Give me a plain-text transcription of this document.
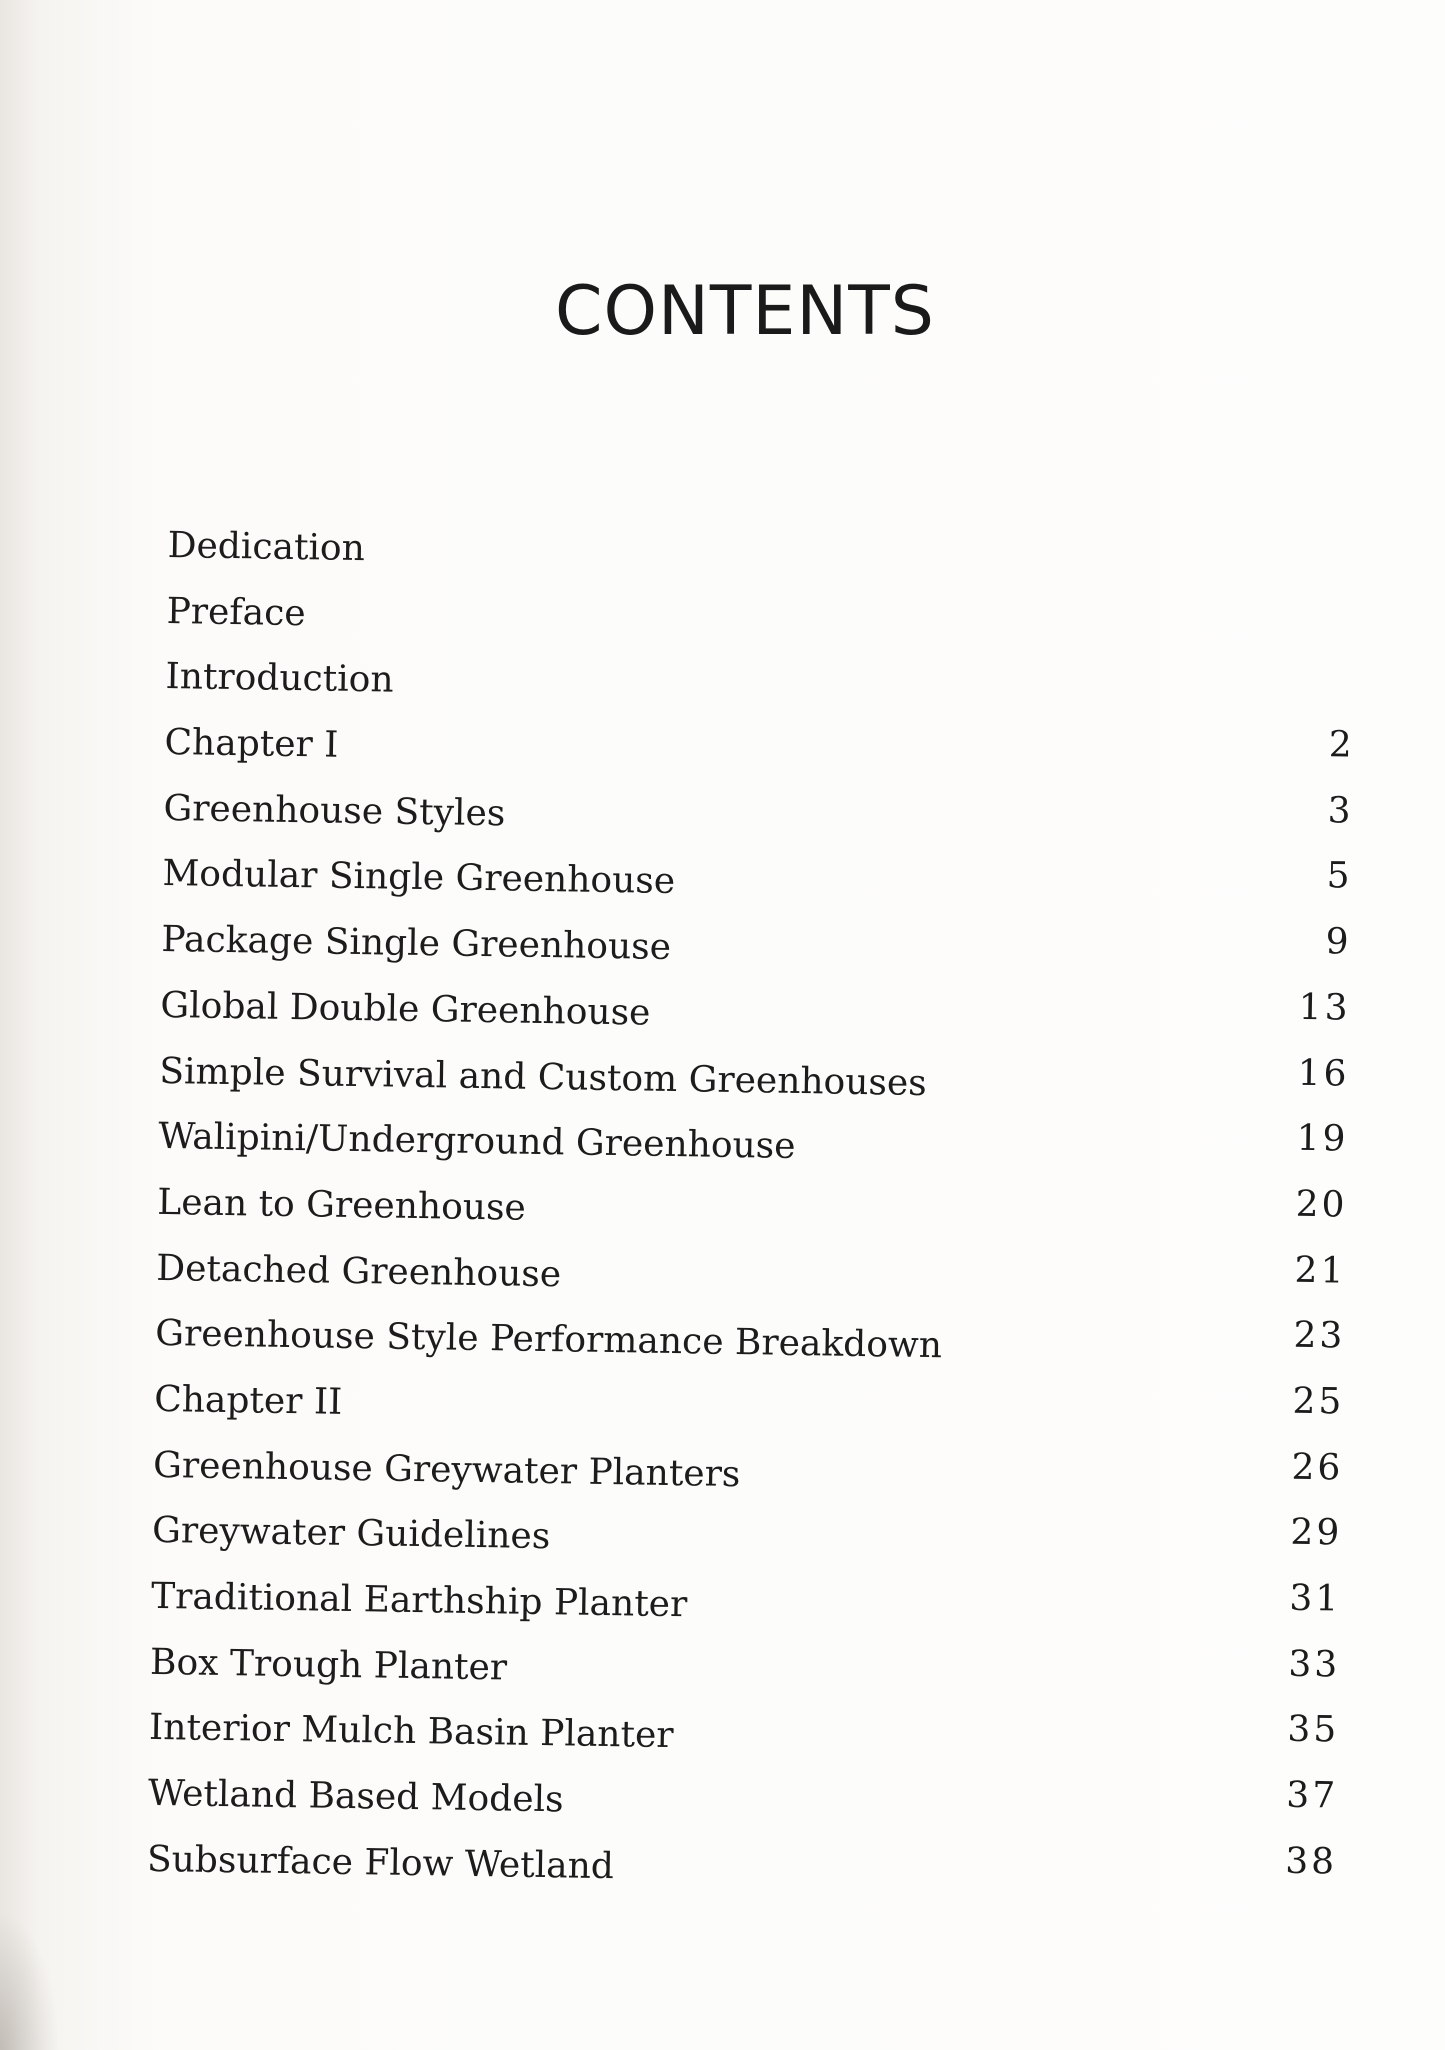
CONTENTS
Dedication
Preface
Introduction
Chapter I	2
Greenhouse Styles	3
Modular Single Greenhouse	5
Package Single Greenhouse	9
Global Double Greenhouse	13
Simple Survival and Custom Greenhouses	16
Walipini/Underground Greenhouse	19
Lean to Greenhouse	20
Detached Greenhouse	21
Greenhouse Style Performance Breakdown	23
Chapter II	25
Greenhouse Greywater Planters	26
Greywater Guidelines	29
Traditional Earthship Planter	31
Box Trough Planter	33
Interior Mulch Basin Planter	35
Wetland Based Models	37
Subsurface Flow Wetland	38
